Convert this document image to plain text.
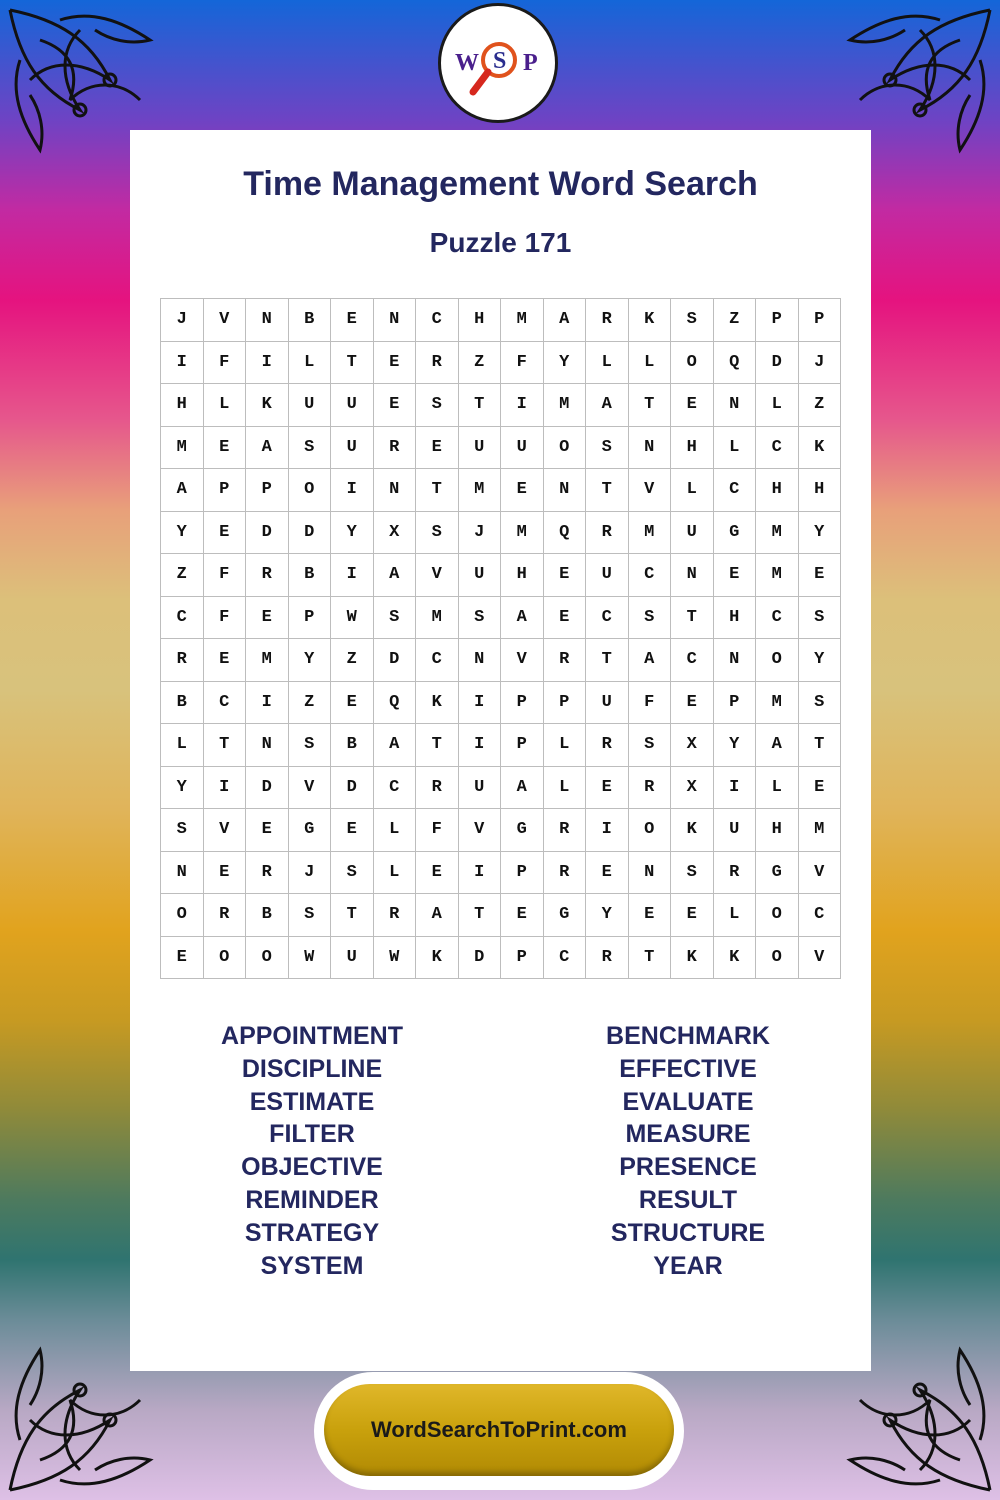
W S P
Time Management Word Search
Puzzle 171
J	V	N	B	E	N	C	H	M	A	R	K	S	Z	P	P
I	F	I	L	T	E	R	Z	F	Y	L	L	O	Q	D	J
H	L	K	U	U	E	S	T	I	M	A	T	E	N	L	Z
M	E	A	S	U	R	E	U	U	O	S	N	H	L	C	K
A	P	P	O	I	N	T	M	E	N	T	V	L	C	H	H
Y	E	D	D	Y	X	S	J	M	Q	R	M	U	G	M	Y
Z	F	R	B	I	A	V	U	H	E	U	C	N	E	M	E
C	F	E	P	W	S	M	S	A	E	C	S	T	H	C	S
R	E	M	Y	Z	D	C	N	V	R	T	A	C	N	O	Y
B	C	I	Z	E	Q	K	I	P	P	U	F	E	P	M	S
L	T	N	S	B	A	T	I	P	L	R	S	X	Y	A	T
Y	I	D	V	D	C	R	U	A	L	E	R	X	I	L	E
S	V	E	G	E	L	F	V	G	R	I	O	K	U	H	M
N	E	R	J	S	L	E	I	P	R	E	N	S	R	G	V
O	R	B	S	T	R	A	T	E	G	Y	E	E	L	O	C
E	O	O	W	U	W	K	D	P	C	R	T	K	K	O	V
APPOINTMENT
DISCIPLINE
ESTIMATE
FILTER
OBJECTIVE
REMINDER
STRATEGY
SYSTEM
BENCHMARK
EFFECTIVE
EVALUATE
MEASURE
PRESENCE
RESULT
STRUCTURE
YEAR
WordSearchToPrint.com
